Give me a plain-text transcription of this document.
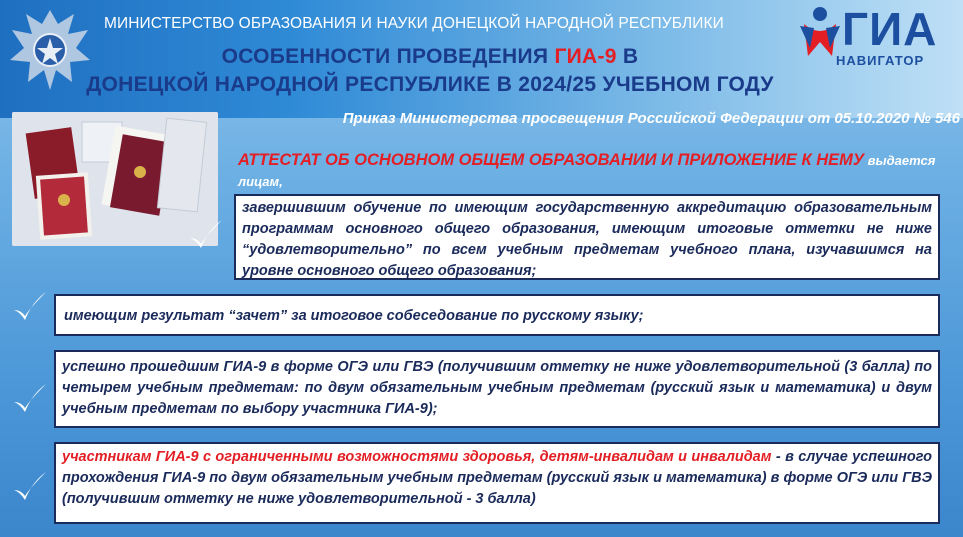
МИНИСТЕРСТВО ОБРАЗОВАНИЯ И НАУКИ ДОНЕЦКОЙ НАРОДНОЙ РЕСПУБЛИКИ
ОСОБЕННОСТИ ПРОВЕДЕНИЯ ГИА-9 В
ДОНЕЦКОЙ НАРОДНОЙ РЕСПУБЛИКЕ В 2024/25 УЧЕБНОМ ГОДУ
ГИА
НАВИГАТОР
Приказ Министерства просвещения Российской Федерации от 05.10.2020 № 546
АТТЕСТАТ ОБ ОСНОВНОМ ОБЩЕМ ОБРАЗОВАНИИ И ПРИЛОЖЕНИЕ К НЕМУ выдается лицам,
завершившим обучение по имеющим государственную аккредитацию образовательным программам основного общего образования, имеющим итоговые отметки не ниже “удовлетворительно” по всем учебным предметам учебного плана, изучавшимся на уровне основного общего образования;
имеющим результат “зачет” за итоговое собеседование по русскому языку;
успешно прошедшим ГИА-9 в форме ОГЭ или ГВЭ (получившим отметку не ниже удовлетворительной (3 балла) по четырем учебным предметам: по двум обязательным учебным предметам (русский язык и математика) и двум учебным предметам по выбору участника ГИА-9);
участникам ГИА-9 с ограниченными возможностями здоровья, детям-инвалидам и инвалидам - в случае успешного прохождения ГИА-9 по двум обязательным учебным предметам (русский язык и математика) в форме ОГЭ или ГВЭ (получившим отметку не ниже удовлетворительной - 3 балла)
